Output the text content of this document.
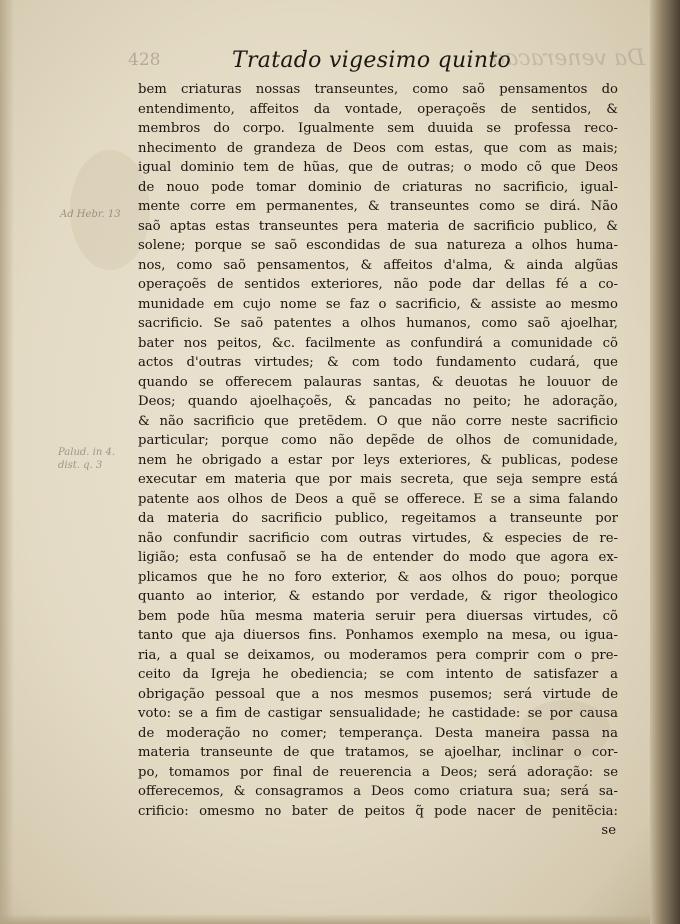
428	Tratado vigesimo quinto
Da veneracao
Ad Hebr. 13
Palud. in 4.
dist. q. 3
bem criaturas nossas transeuntes, como saõ pensamentos do
entendimento, affeitos da vontade, operaçoẽs de sentidos, &
membros do corpo. Igualmente sem duuida se professa reco-
nhecimento de grandeza de Deos com estas, que com as mais;
igual dominio tem de hũas, que de outras; o modo cõ que Deos
de nouo pode tomar dominio de criaturas no sacrificio, igual-
mente corre em permanentes, & transeuntes como se dirá. Não
saõ aptas estas transeuntes pera materia de sacrificio publico, &
solene; porque se saõ escondidas de sua natureza a olhos huma-
nos, como saõ pensamentos, & affeitos d'alma, & ainda algũas
operaçoẽs de sentidos exteriores, não pode dar dellas fé a co-
munidade em cujo nome se faz o sacrificio, & assiste ao mesmo
sacrificio. Se saõ patentes a olhos humanos, como saõ ajoelhar,
bater nos peitos, &c. facilmente as confundirá a comunidade cõ
actos d'outras virtudes; & com todo fundamento cudará, que
quando se offerecem palauras santas, & deuotas he louuor de
Deos; quando ajoelhaçoẽs, & pancadas no peito; he adoração,
& não sacrificio que pretẽdem. O que não corre neste sacrificio
particular; porque como não depẽde de olhos de comunidade,
nem he obrigado a estar por leys exteriores, & publicas, podese
executar em materia que por mais secreta, que seja sempre está
patente aos olhos de Deos a quẽ se offerece. E se a sima falando
da materia do sacrificio publico, regeitamos a transeunte por
não confundir sacrificio com outras virtudes, & especies de re-
ligião; esta confusaõ se ha de entender do modo que agora ex-
plicamos que he no foro exterior, & aos olhos do pouo; porque
quanto ao interior, & estando por verdade, & rigor theologico
bem pode hũa mesma materia seruir pera diuersas virtudes, cõ
tanto que aja diuersos fins. Ponhamos exemplo na mesa, ou igua-
ria, a qual se deixamos, ou moderamos pera comprir com o pre-
ceito da Igreja he obediencia; se com intento de satisfazer a
obrigação pessoal que a nos mesmos pusemos; será virtude de
voto: se a fim de castigar sensualidade; he castidade: se por causa
de moderação no comer; temperança. Desta maneira passa na
materia transeunte de que tratamos, se ajoelhar, inclinar o cor-
po, tomamos por final de reuerencia a Deos; será adoração: se
offerecemos, & consagramos a Deos como criatura sua; será sa-
crificio: omesmo no bater de peitos q̃ pode nacer de penitẽcia:
se
